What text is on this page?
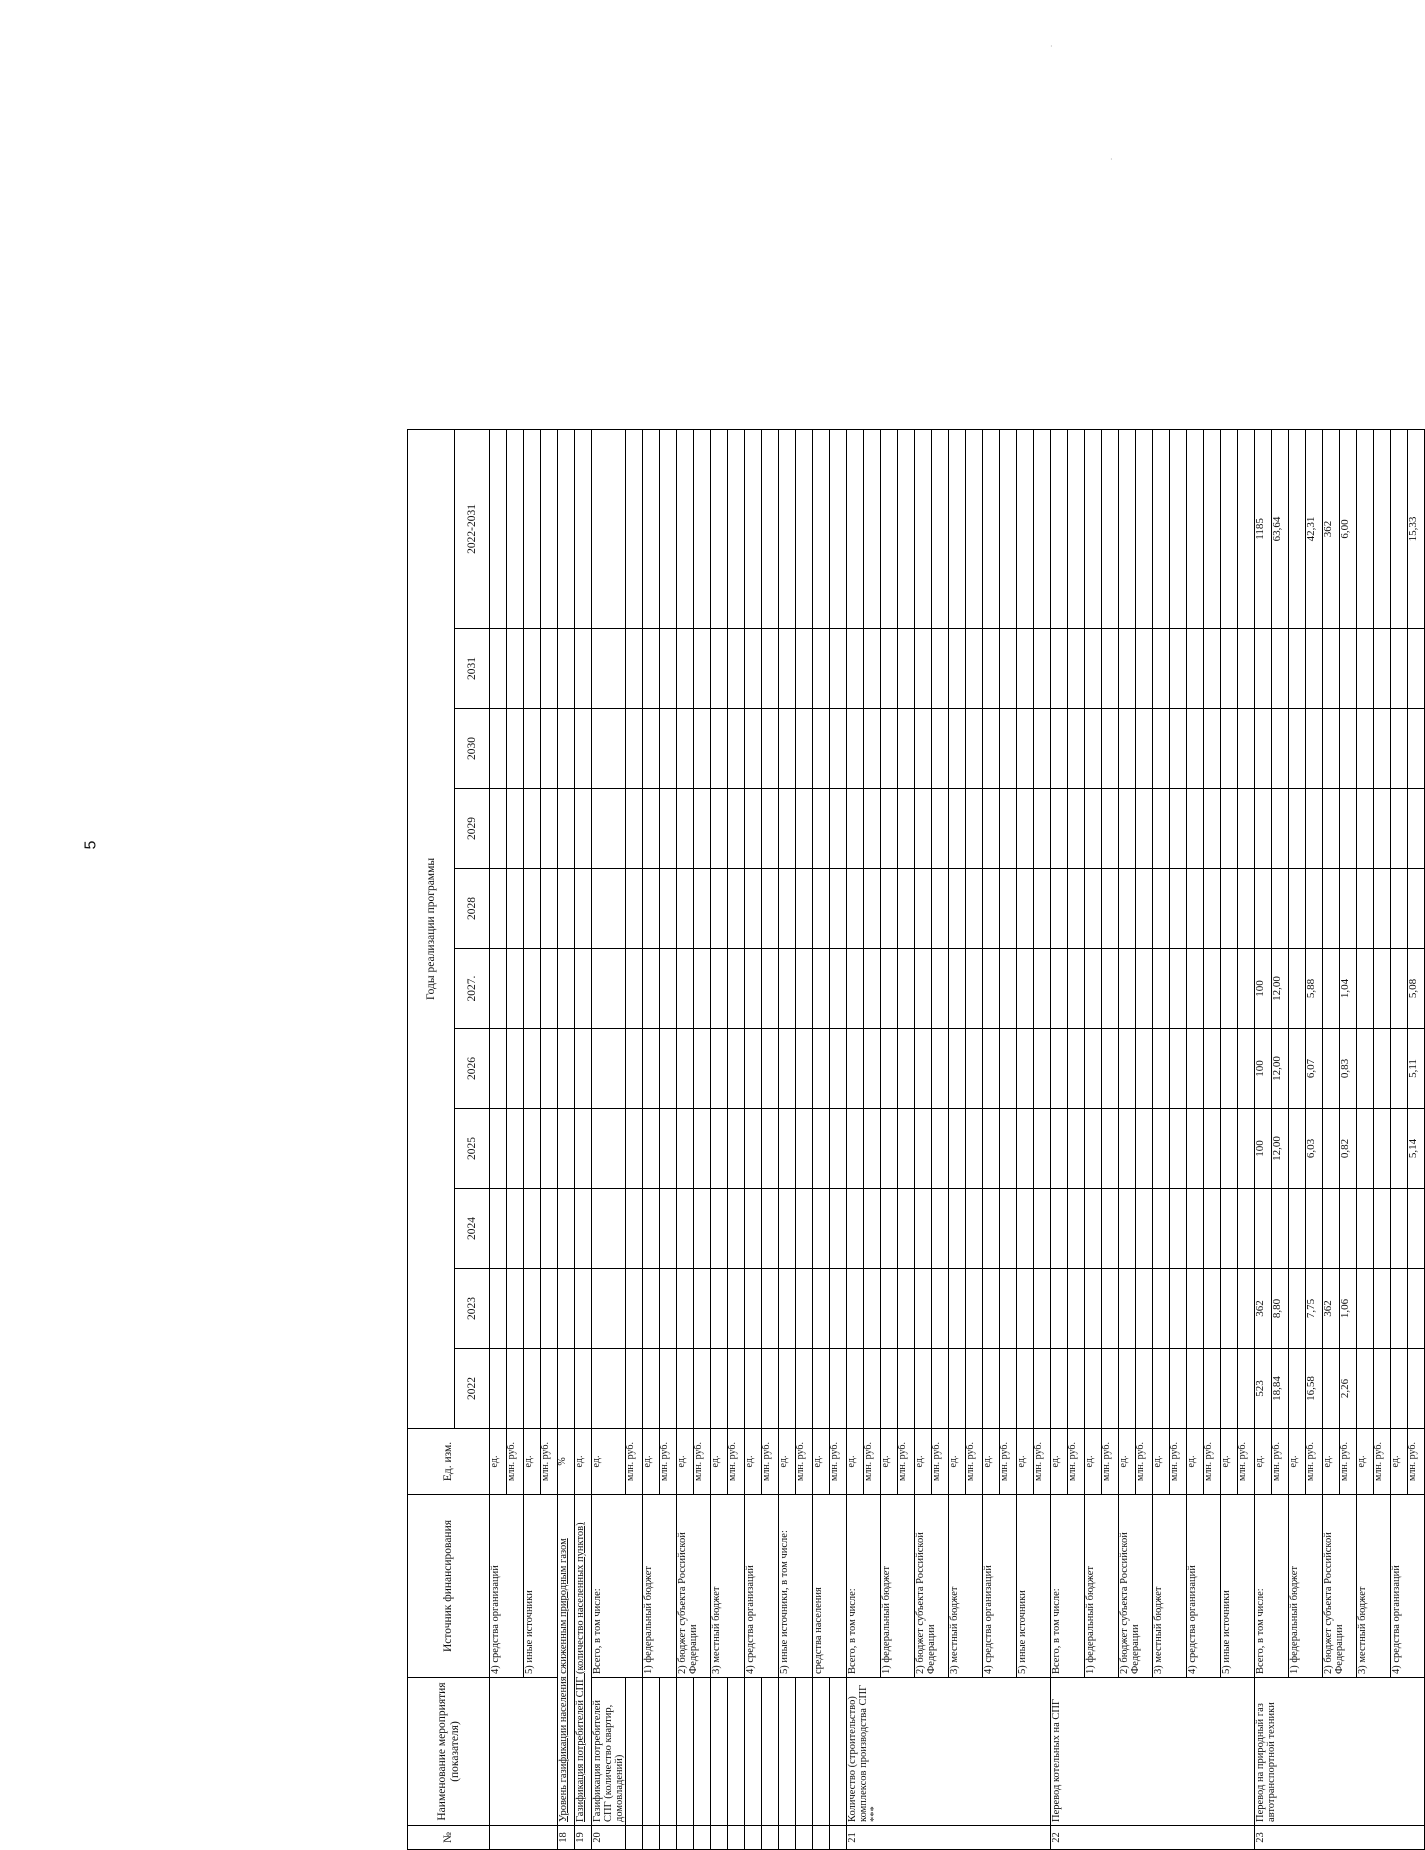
·
·
5
№	Наименование мероприятия (показателя)	Источник финансирования	Ед. изм.	Годы реализации программы										
				2022	2023	2024	2025	2026	2027.	2028	2029	2030	2031	2022-2031
		4) средства организаций	ед.											
			млн. руб.											
		5) иные источники	ед.											
			млн. руб.											
18	Уровень газификации населения сжиженным природным газом		%											
19	Газификация потребителей СПГ (количество населенных пунктов)		ед.											
20	Газификация потребителей СПГ (количество квартир, домовладений)	Всего, в том числе:	ед.											
			млн. руб.											
		1) федеральный бюджет	ед.											
			млн. руб.											
		2) бюджет субъекта Российской Федерации	ед.											
			млн. руб.											
		3) местный бюджет	ед.											
			млн. руб.											
		4) средства организаций	ед.											
			млн. руб.											
		5) иные источники, в том числе:	ед.											
			млн. руб.											
		средства населения	ед.											
			млн. руб.											
21	Количество (строительство) комплексов производства СПГ ***	Всего, в том числе:	ед.											
			млн. руб.											
		1) федеральный бюджет	ед.											
			млн. руб.											
		2) бюджет субъекта Российской Федерации	ед.											
			млн. руб.											
		3) местный бюджет	ед.											
			млн. руб.											
		4) средства организаций	ед.											
			млн. руб.											
		5) иные источники	ед.											
			млн. руб.											
22	Перевод котельных на СПГ	Всего, в том числе:	ед.											
			млн. руб.											
		1) федеральный бюджет	ед.											
			млн. руб.											
		2) бюджет субъекта Российской Федерации	ед.											
			млн. руб.											
		3) местный бюджет	ед.											
			млн. руб.											
		4) средства организаций	ед.											
			млн. руб.											
		5) иные источники	ед.											
			млн. руб.											
23	Перевод на природный газ автотранспортной техники	Всего, в том числе:	ед.	523	362		100	100	100					1185
			млн. руб.	18,84	8,80		12,00	12,00	12,00					63,64
		1) федеральный бюджет	ед.											
			млн. руб.	16,58	7,75		6,03	6,07	5,88					42,31
		2) бюджет субъекта Российской Федерации	ед.		362									362
			млн. руб.	2,26	1,06		0,82	0,83	1,04					6,00
		3) местный бюджет	ед.											
			млн. руб.											
		4) средства организаций	ед.											
			млн. руб.				5,14	5,11	5,08					15,33
